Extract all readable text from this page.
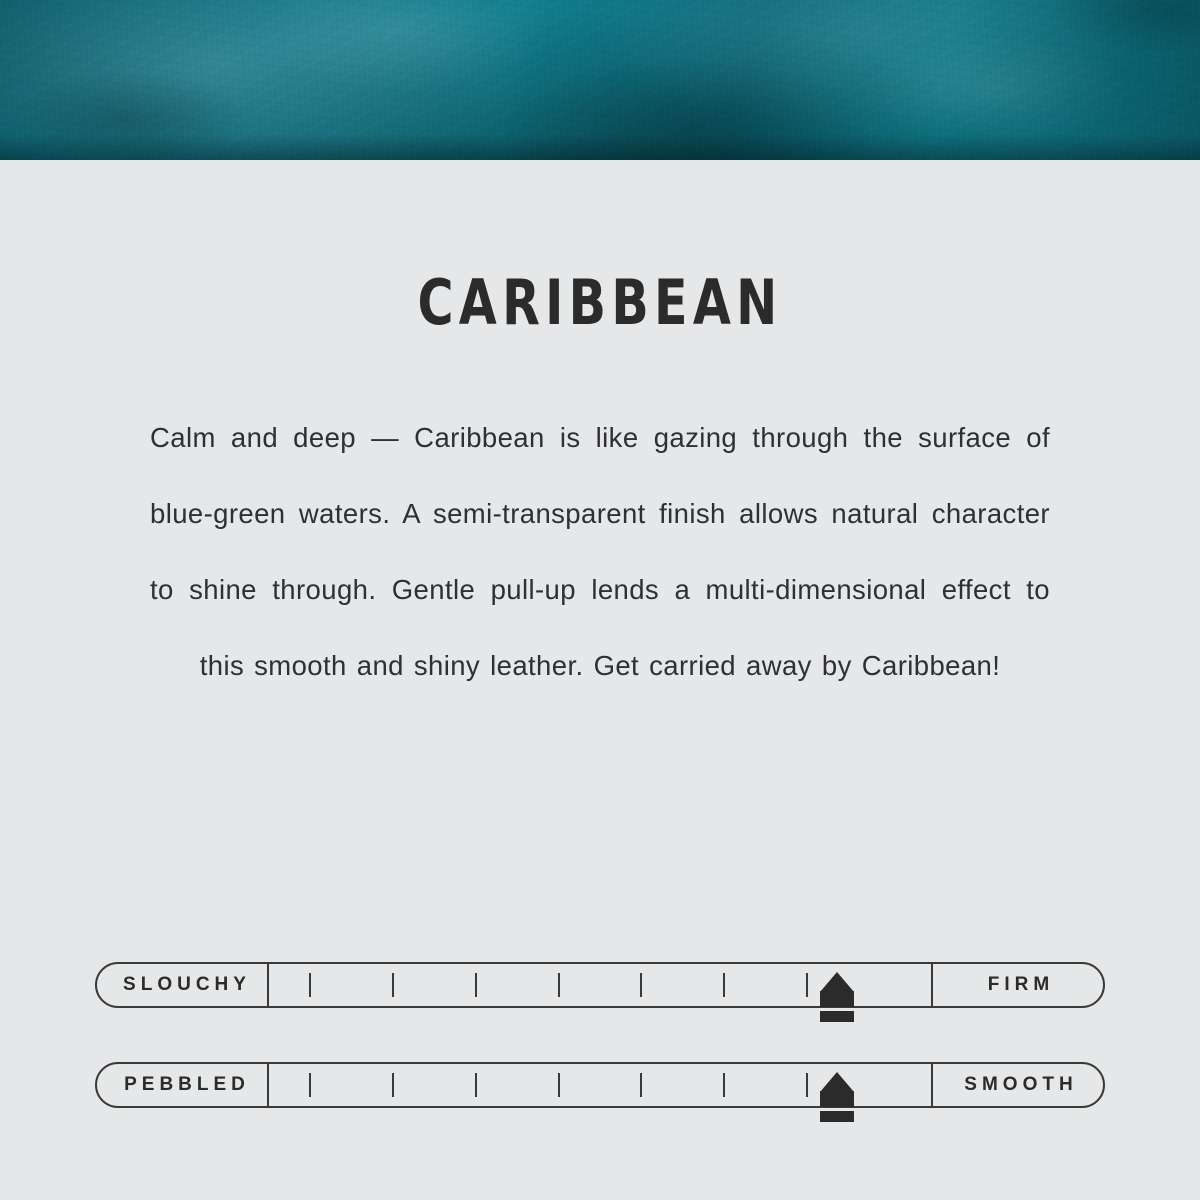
CARIBBEAN

Calm and deep — Caribbean is like gazing through the surface of blue-green waters. A semi-transparent finish allows natural character to shine through. Gentle pull-up lends a multi-dimensional effect to this smooth and shiny leather. Get carried away by Caribbean!

SLOUCHY	FIRM
PEBBLED	SMOOTH
